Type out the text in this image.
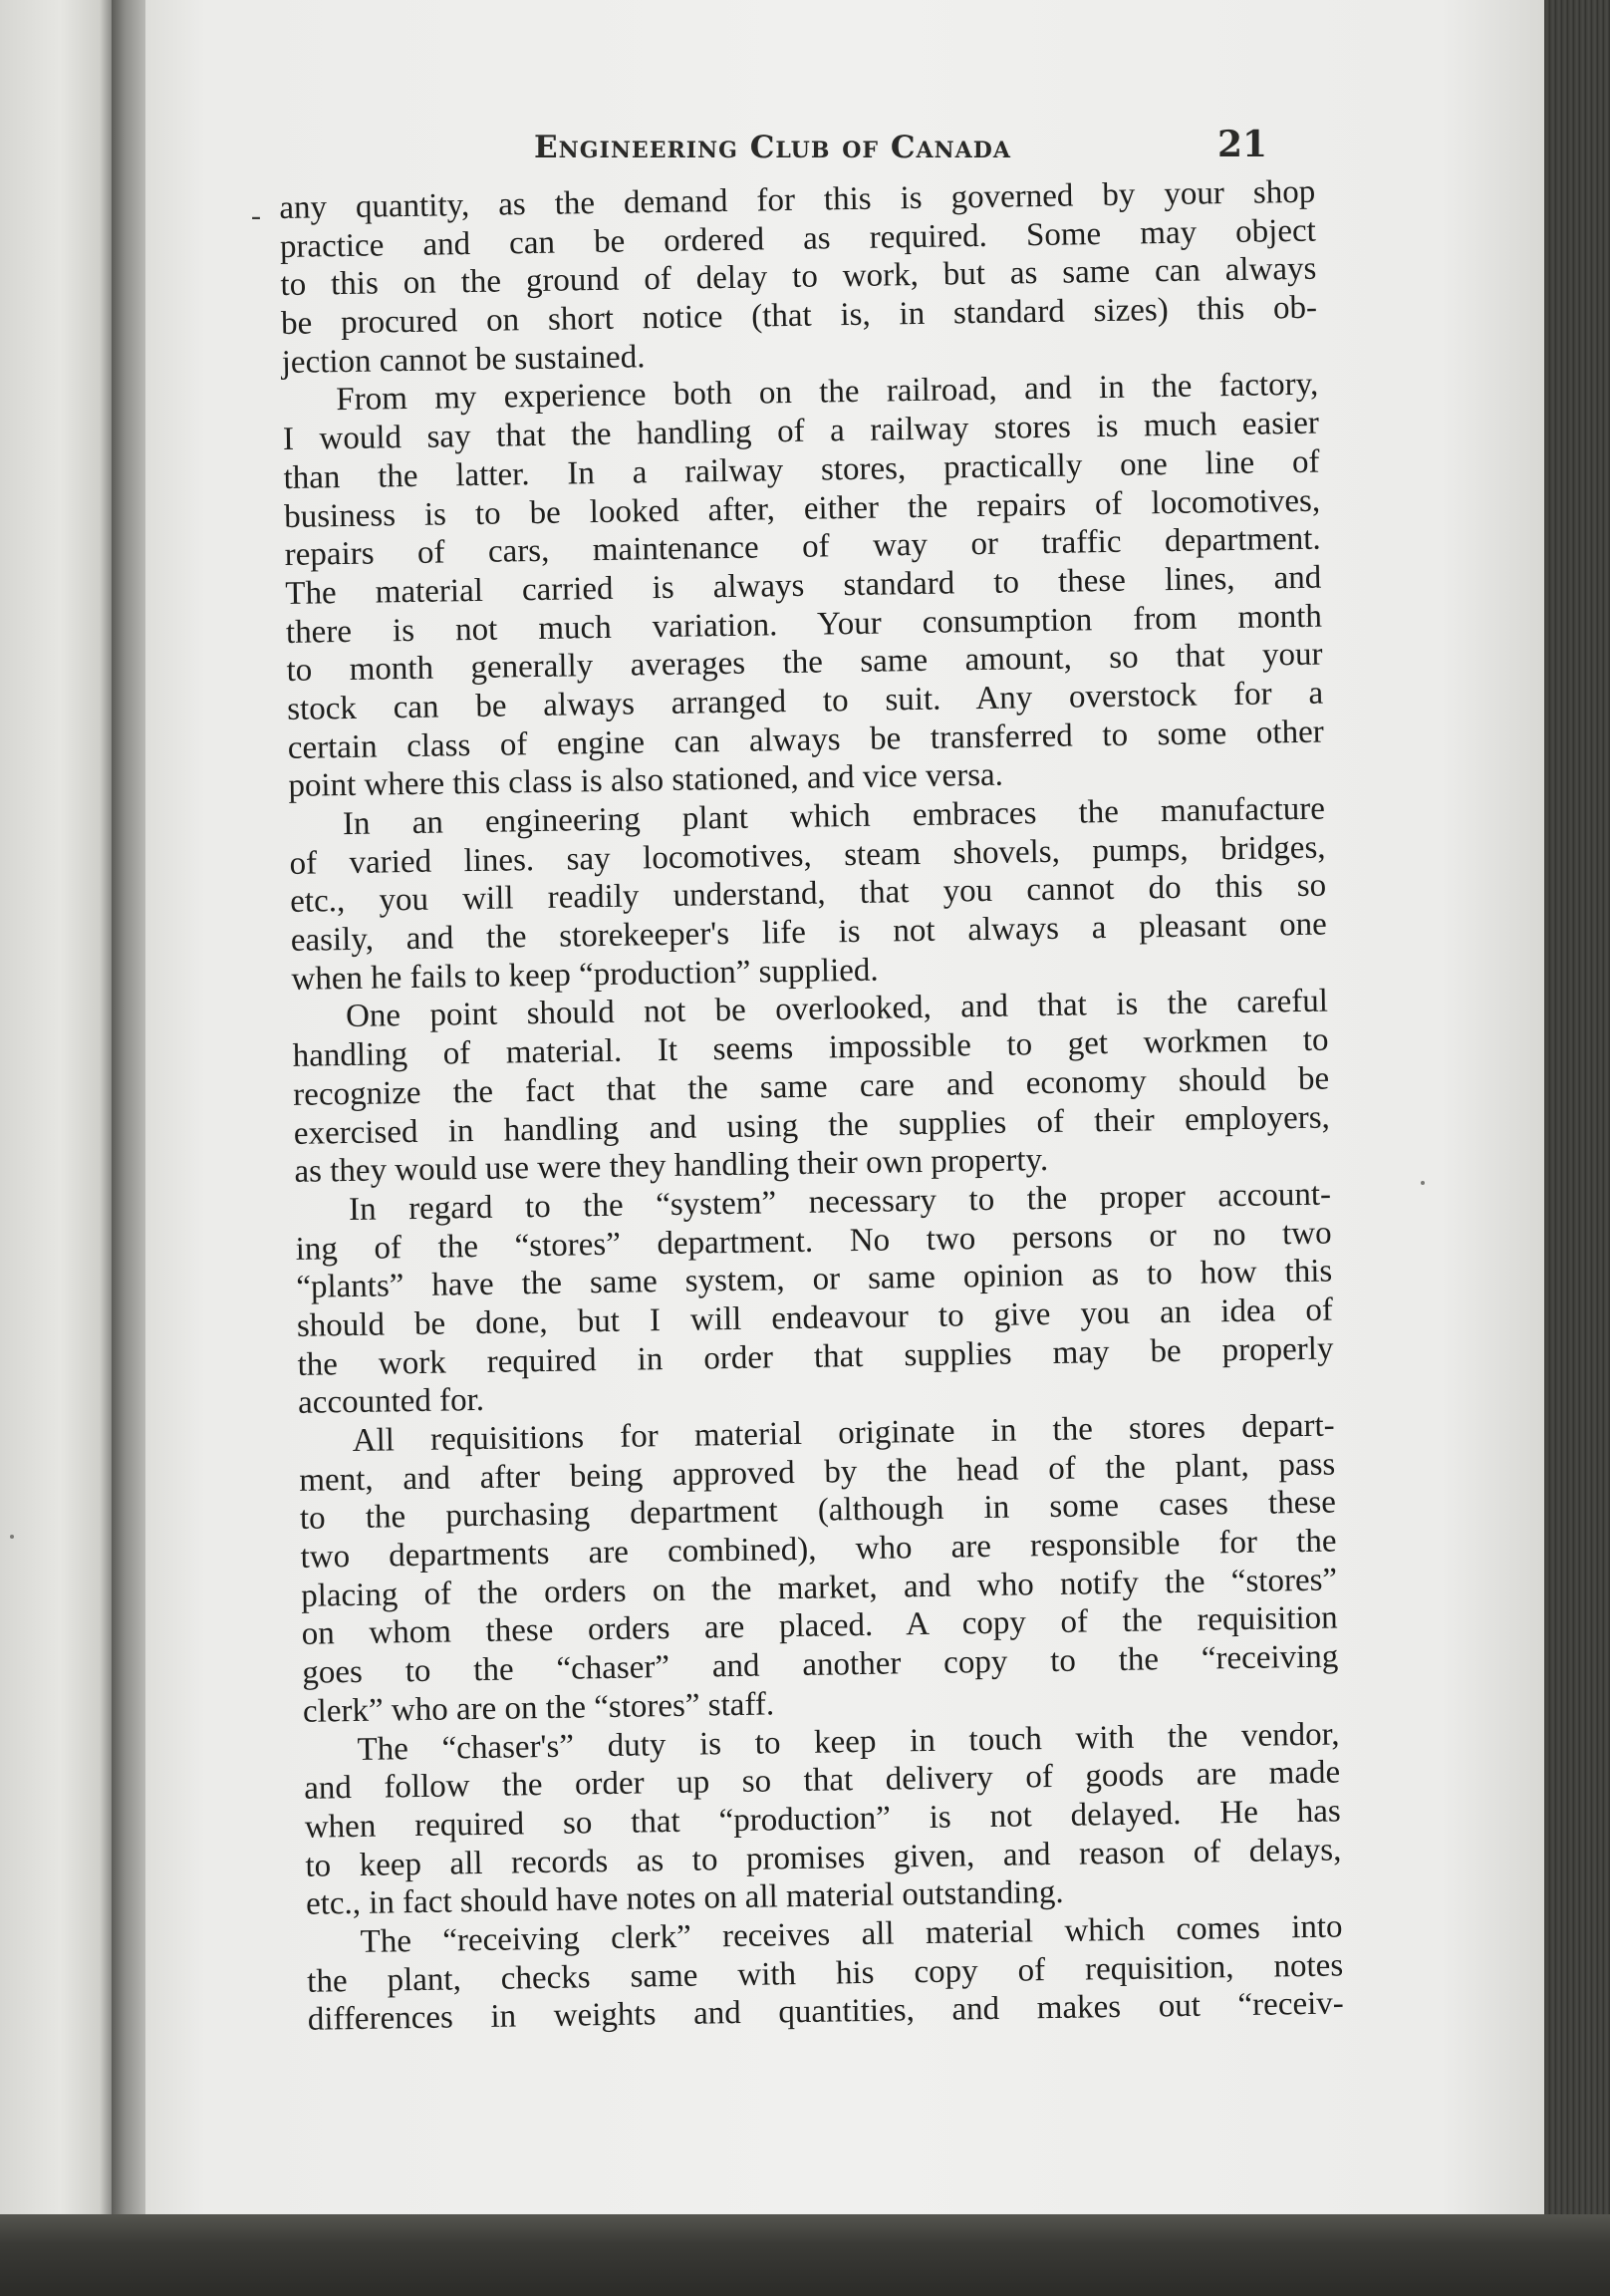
Engineering Club of Canada	21
- any quantity, as the demand for this is governed by your shop
practice and can be ordered as required. Some may object
to this on the ground of delay to work, but as same can always
be procured on short notice (that is, in standard sizes) this ob-
jection cannot be sustained.

From my experience both on the railroad, and in the factory,
I would say that the handling of a railway stores is much easier
than the latter. In a railway stores, practically one line of
business is to be looked after, either the repairs of locomotives,
repairs of cars, maintenance of way or traffic department.
The material carried is always standard to these lines, and
there is not much variation. Your consumption from month
to month generally averages the same amount, so that your
stock can be always arranged to suit. Any overstock for a
certain class of engine can always be transferred to some other
point where this class is also stationed, and vice versa.

In an engineering plant which embraces the manufacture
of varied lines. say locomotives, steam shovels, pumps, bridges,
etc., you will readily understand, that you cannot do this so
easily, and the storekeeper's life is not always a pleasant one
when he fails to keep “production” supplied.

One point should not be overlooked, and that is the careful
handling of material. It seems impossible to get workmen to
recognize the fact that the same care and economy should be
exercised in handling and using the supplies of their employers,
as they would use were they handling their own property.

In regard to the “system” necessary to the proper account-
ing of the “stores” department. No two persons or no two
“plants” have the same system, or same opinion as to how this
should be done, but I will endeavour to give you an idea of
the work required in order that supplies may be properly
accounted for.

All requisitions for material originate in the stores depart-
ment, and after being approved by the head of the plant, pass
to the purchasing department (although in some cases these
two departments are combined), who are responsible for the
placing of the orders on the market, and who notify the “stores”
on whom these orders are placed. A copy of the requisition
goes to the “chaser” and another copy to the “receiving
clerk” who are on the “stores” staff.

The “chaser's” duty is to keep in touch with the vendor,
and follow the order up so that delivery of goods are made
when required so that “production” is not delayed. He has
to keep all records as to promises given, and reason of delays,
etc., in fact should have notes on all material outstanding.

The “receiving clerk” receives all material which comes into
the plant, checks same with his copy of requisition, notes
differences in weights and quantities, and makes out “receiv-
